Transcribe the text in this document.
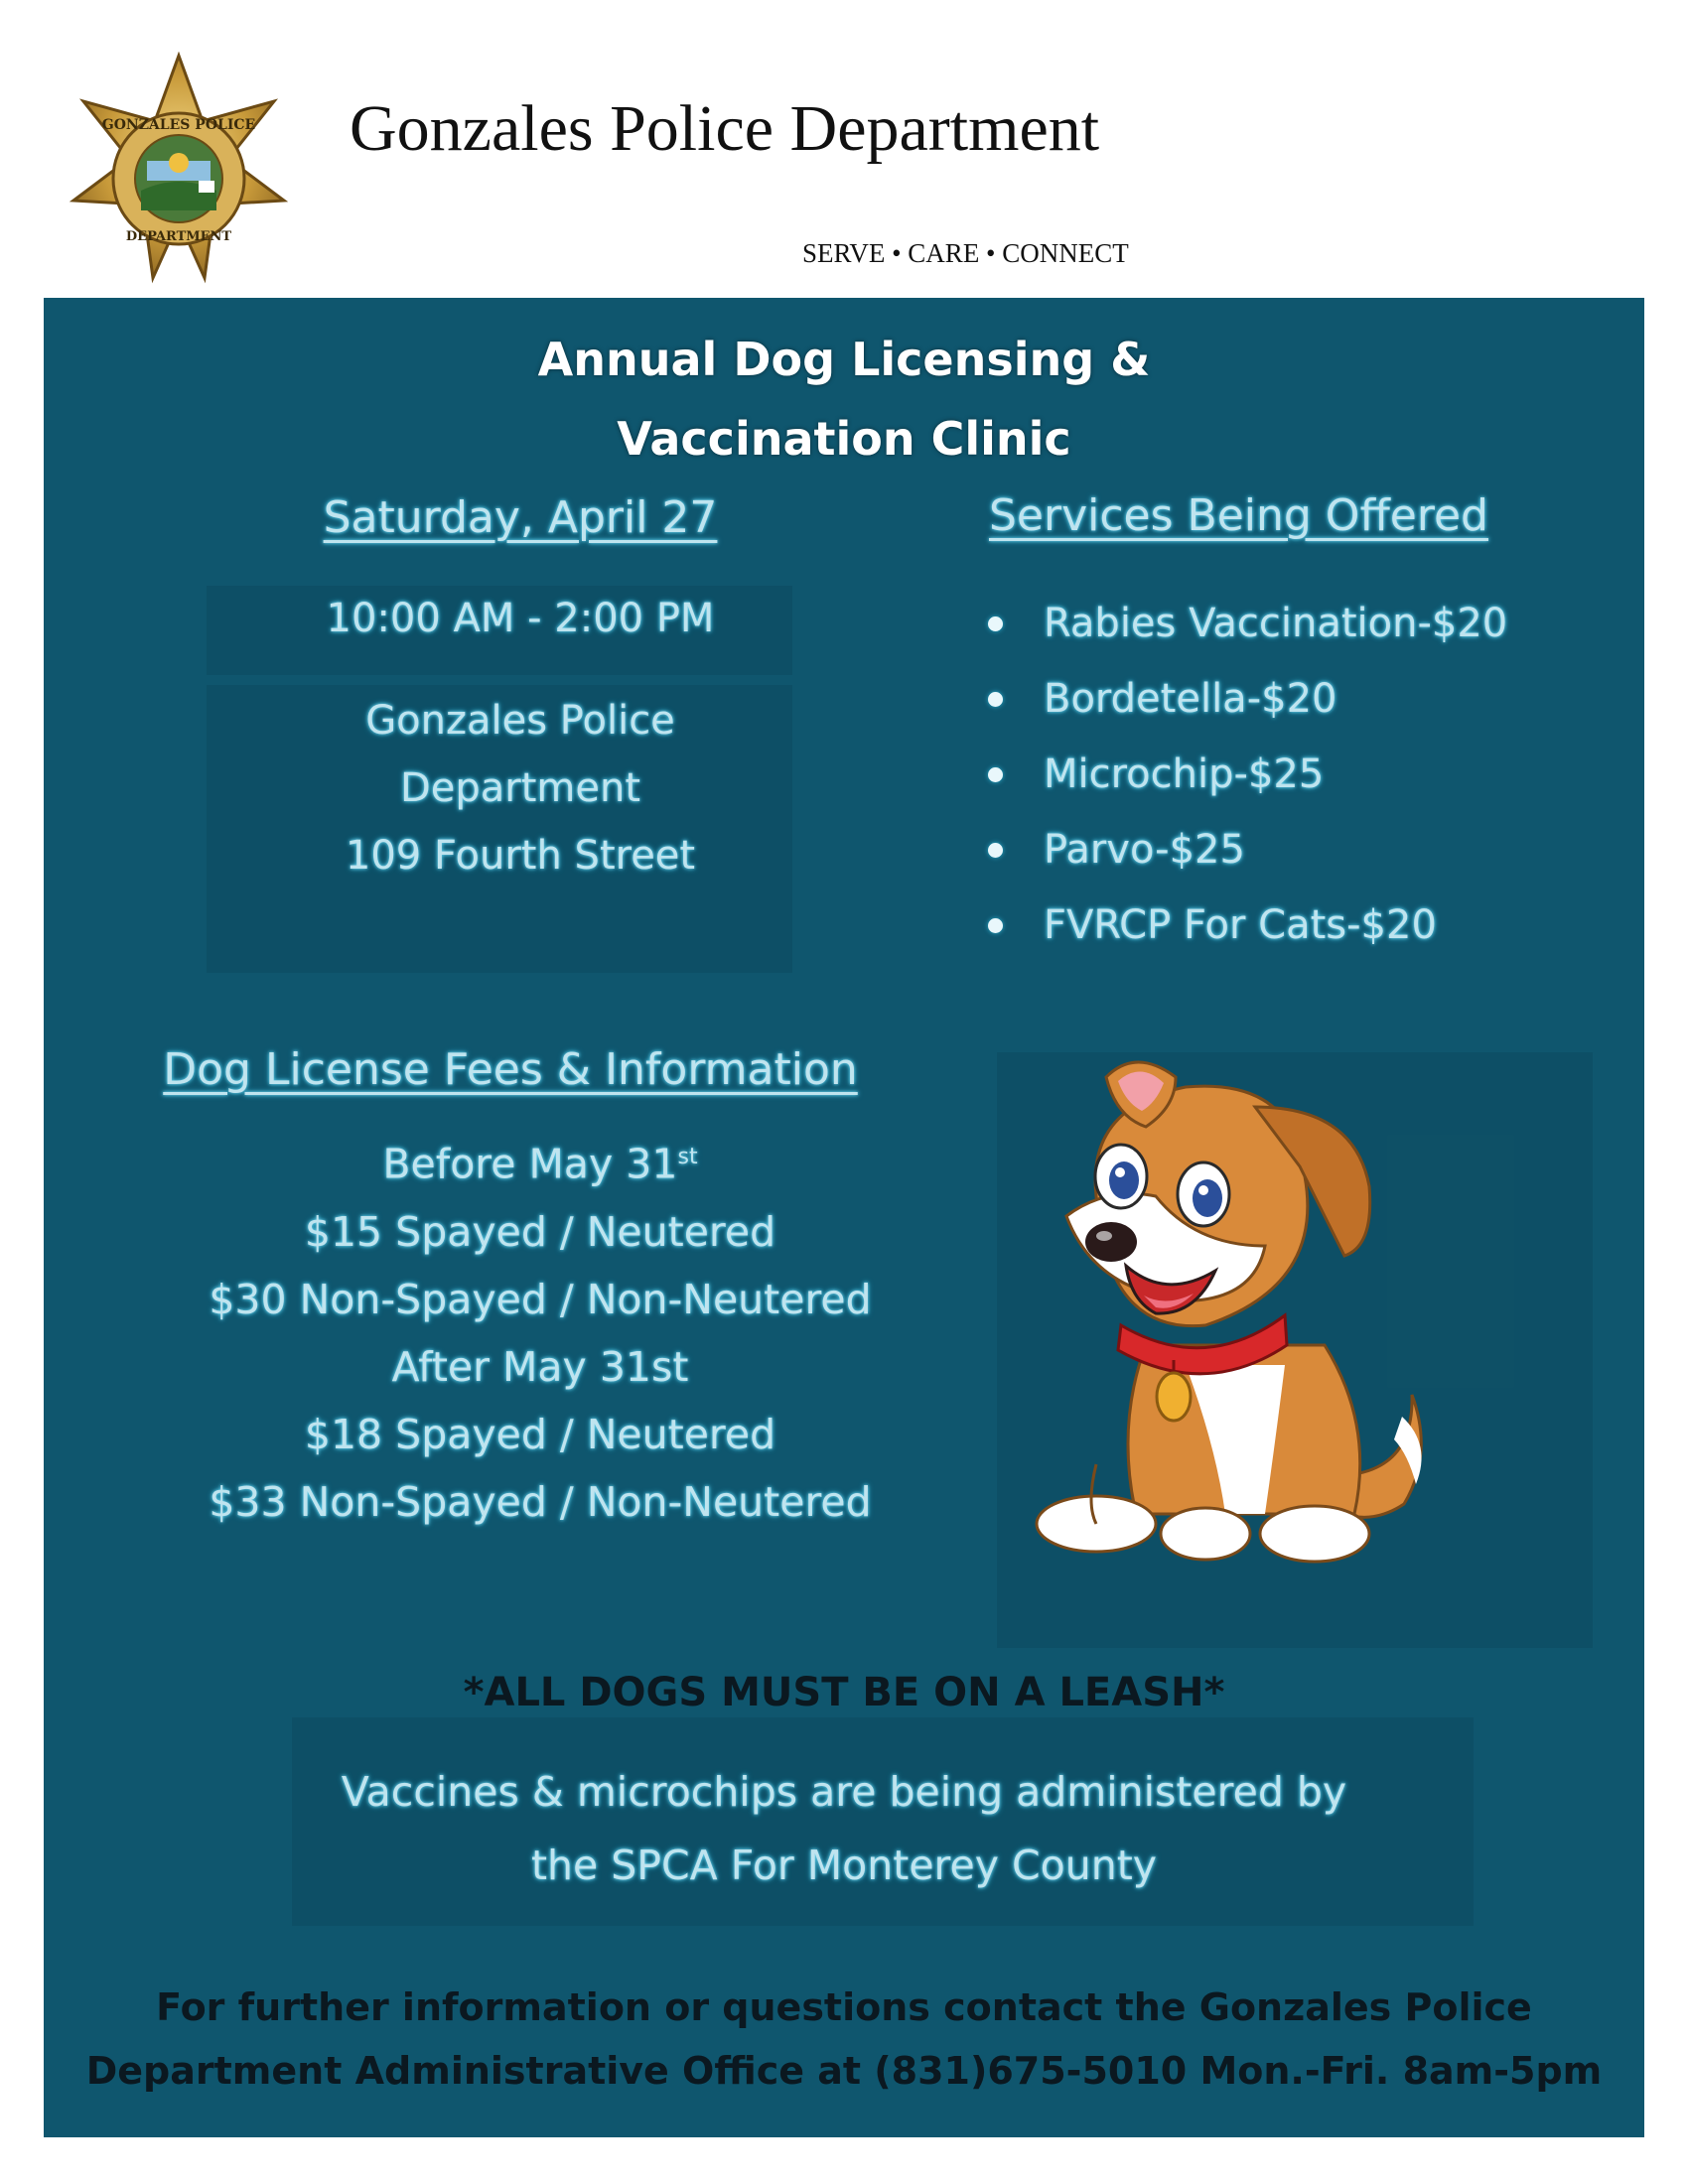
GONZALES POLICE
DEPARTMENT
Gonzales Police Department
SERVE • CARE • CONNECT
Annual Dog Licensing &
Vaccination Clinic
Saturday, April 27
10:00 AM - 2:00 PM
Gonzales Police
Department
109 Fourth Street
Services Being Offered
Rabies Vaccination-$20
Bordetella-$20
Microchip-$25
Parvo-$25
FVRCP For Cats-$20
Dog License Fees & Information
Before May 31st
$15 Spayed / Neutered
$30 Non-Spayed / Non-Neutered
After May 31st
$18 Spayed / Neutered
$33 Non-Spayed / Non-Neutered
*ALL DOGS MUST BE ON A LEASH*
Vaccines & microchips are being administered by
the SPCA For Monterey County
For further information or questions contact the Gonzales Police
Department Administrative Office at (831)675-5010 Mon.-Fri. 8am-5pm
